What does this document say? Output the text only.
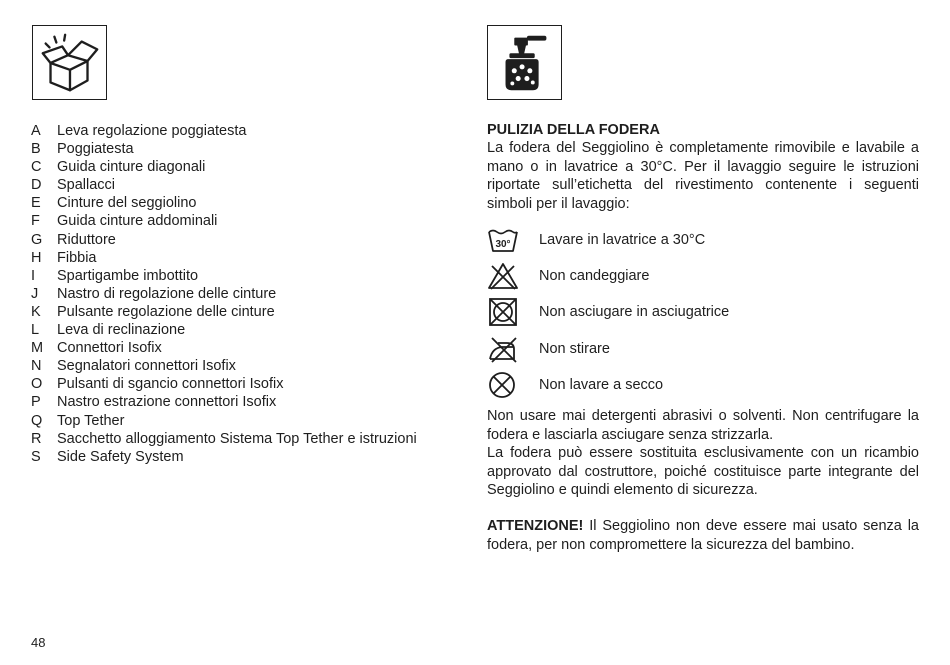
A	Leva regolazione poggiatesta
B	Poggiatesta
C	Guida cinture diagonali
D	Spallacci
E	Cinture del seggiolino
F	Guida cinture addominali
G	Riduttore
H	Fibbia
I	Spartigambe imbottito
J	Nastro di regolazione delle cinture
K	Pulsante regolazione delle cinture
L	Leva di reclinazione
M Connettori Isofix
N	Segnalatori connettori Isofix
O	Pulsanti di sgancio connettori Isofix
P	Nastro estrazione connettori Isofix
Q	Top Tether
R	Sacchetto alloggiamento Sistema Top Tether e istruzioni
S	Side Safety System
48
PULIZIA DELLA FODERA
La fodera del Seggiolino è completamente rimovibile e lavabile a mano o in lavatrice a 30°C. Per il lavaggio seguire le istruzioni riportate sull’etichetta del rivestimento contenente i seguenti simboli per il lavaggio:
30° Lavare in lavatrice a 30°C
Non candeggiare
Non asciugare in asciugatrice
Non stirare
Non lavare a secco

Non usare mai detergenti abrasivi o solventi. Non centrifugare la fodera e lasciarla asciugare senza strizzarla.

La fodera può essere sostituita esclusivamente con un ricambio approvato dal costruttore, poiché costituisce parte integrante del Seggiolino e quindi elemento di sicurezza.

ATTENZIONE! Il Seggiolino non deve essere mai usato senza la fodera, per non compromettere la sicurezza del bambino.
